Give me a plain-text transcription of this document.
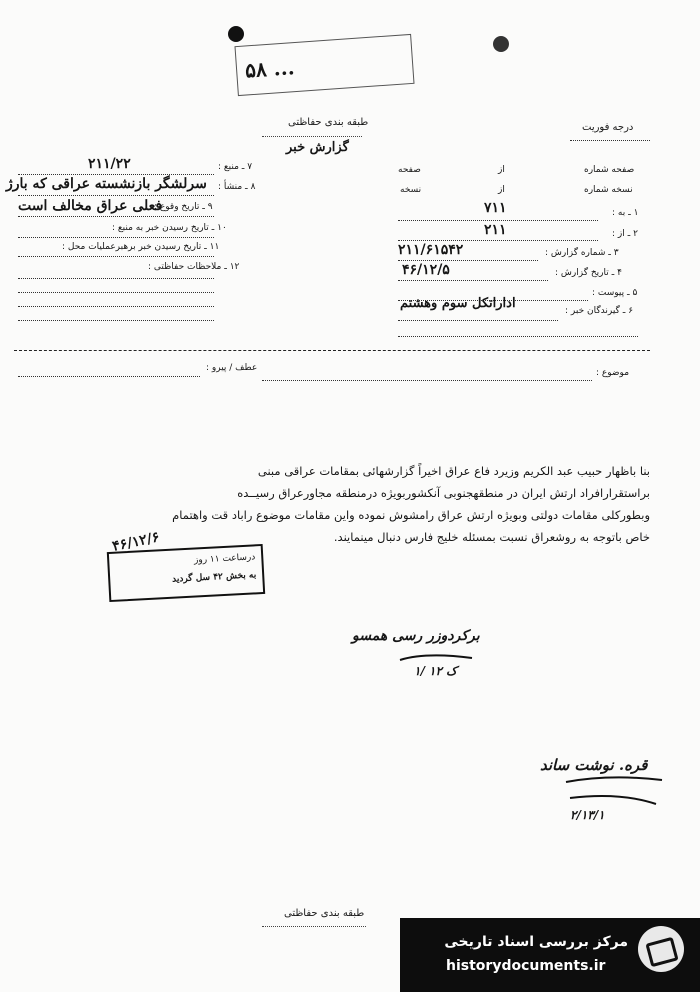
۵۸ ...
طبقه بندی حفاظتی	درجه فوریت
گزارش خبر
۷ ـ منبع :
۲۱۱/۲۲
۸ ـ منشأ :
سرلشگر بازنشسته عراقی که بارژ
۹ ـ تاریخ وقوع :
فعلی عراق مخالف است
۱۰ ـ تاریخ رسیدن خبر به منبع :
۱۱ ـ تاریخ رسیدن خبر برهبرعملیات محل :
۱۲ ـ ملاحظات حفاظتی :
صفحه شماره
از
صفحه
نسخه شماره
از
نسخه
۱ ـ به :
۷۱۱
۲ ـ از :
۲۱۱
۳ ـ شماره گزارش :
۲۱۱/۶۱۵۴۲
۴ ـ تاریخ گزارش :
۴۶/۱۲/۵
۵ ـ پیوست :
۶ ـ گیرندگان خبر :
اداراتکل سوم وهشتم
عطف / پیرو :	موضوع :
بنا باظهار حبیب عبد الکریم وزیرد فاع عراق اخیراً گزارشهائی بمقامات عراقی مبنی
براستقرارافراد ارتش ایران در منطقهجنوبی آنکشوربویژه درمنطقه مجاورعراق رسیــده
وبطورکلی مقامات دولتی وبویژه ارتش عراق رامشوش نموده واین مقامات موضوع راباد قت واهتمام
خاص باتوجه به روشعراق نسبت بمسئله خلیج فارس دنبال مینمایند.
درساعت ۱۱ روز
به بخش ۴۲ سل گردید
۴۶/۱۲/۶
برکردوزر رسی همسو
۱/ ک ۱۲
قره. نوشت ساند
۲/۱۳/۱
طبقه بندی حفاظتی
مرکز بررسی اسناد تاریخی
historydocuments.ir
